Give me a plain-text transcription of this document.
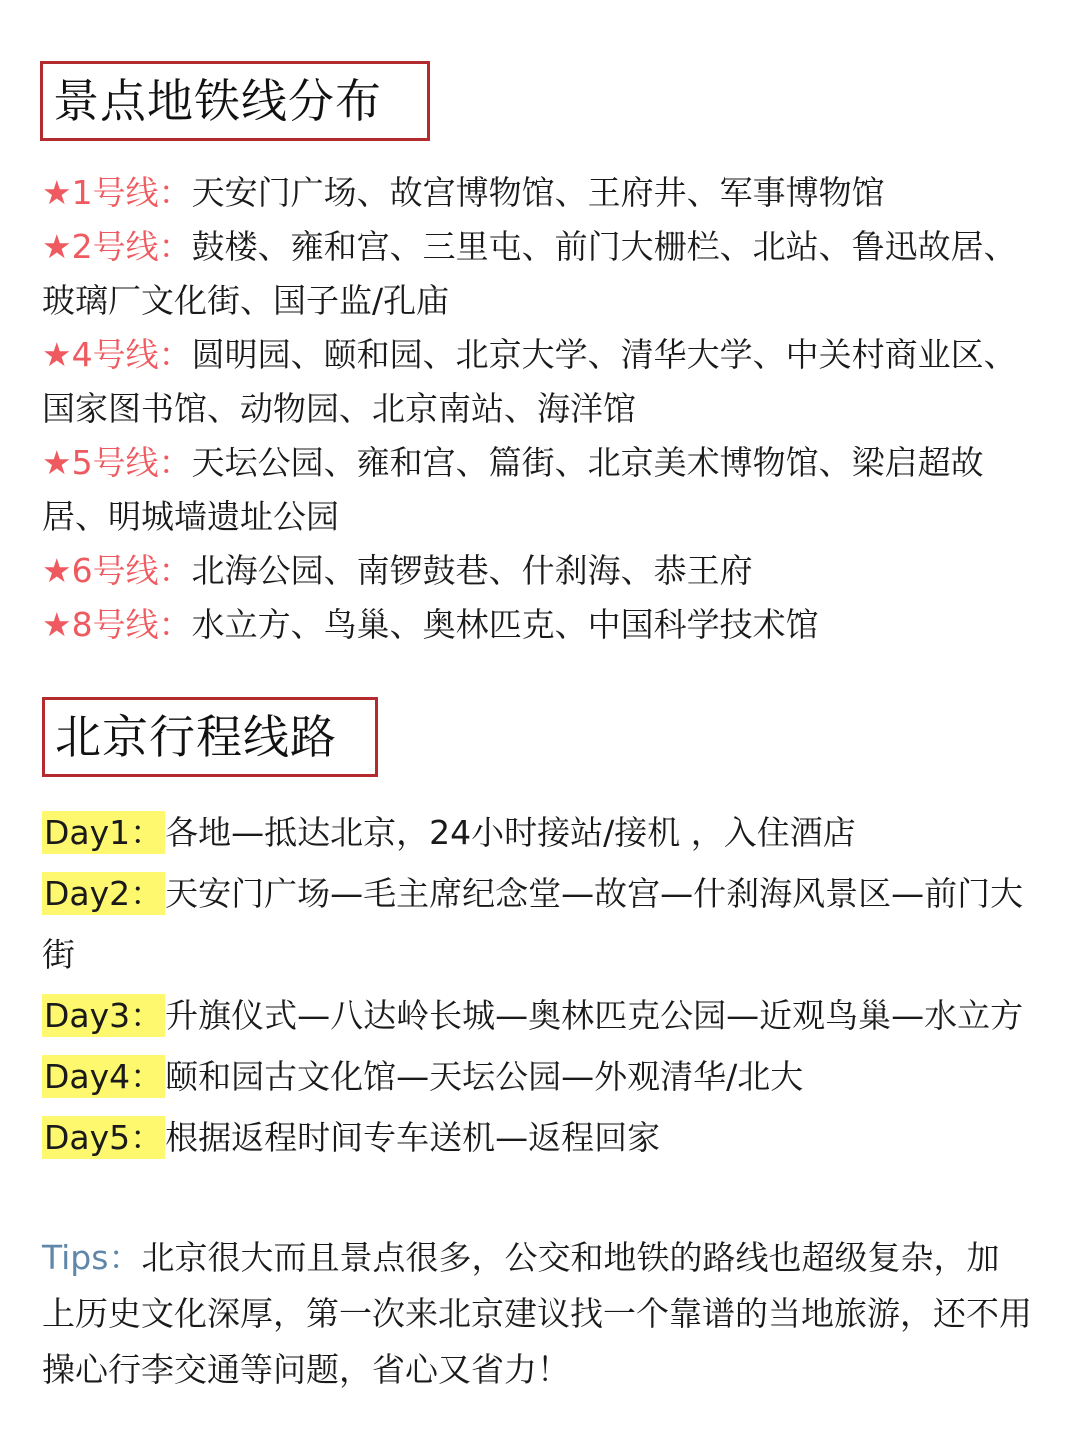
景点地铁线分布

★1号线：天安门广场、故宫博物馆、王府井、军事博物馆

★2号线：鼓楼、雍和宫、三里屯、前门大栅栏、北站、鲁迅故居、玻璃厂文化街、国子监/孔庙

★4号线：圆明园、颐和园、北京大学、清华大学、中关村商业区、国家图书馆、动物园、北京南站、海洋馆

★5号线：天坛公园、雍和宫、篇街、北京美术博物馆、梁启超故居、明城墙遗址公园

★6号线：北海公园、南锣鼓巷、什刹海、恭王府

★8号线：水立方、鸟巢、奥林匹克、中国科学技术馆

北京行程线路

Day1：各地—抵达北京，24小时接站/接机 ，入住酒店

Day2：天安门广场—毛主席纪念堂—故宫—什刹海风景区—前门大街

Day3：升旗仪式—八达岭长城—奥林匹克公园—近观鸟巢—水立方

Day4：颐和园古文化馆—天坛公园—外观清华/北大

Day5：根据返程时间专车送机—返程回家

Tips：北京很大而且景点很多，公交和地铁的路线也超级复杂，加上历史文化深厚，第一次来北京建议找一个靠谱的当地旅游，还不用操心行李交通等问题，省心又省力！
